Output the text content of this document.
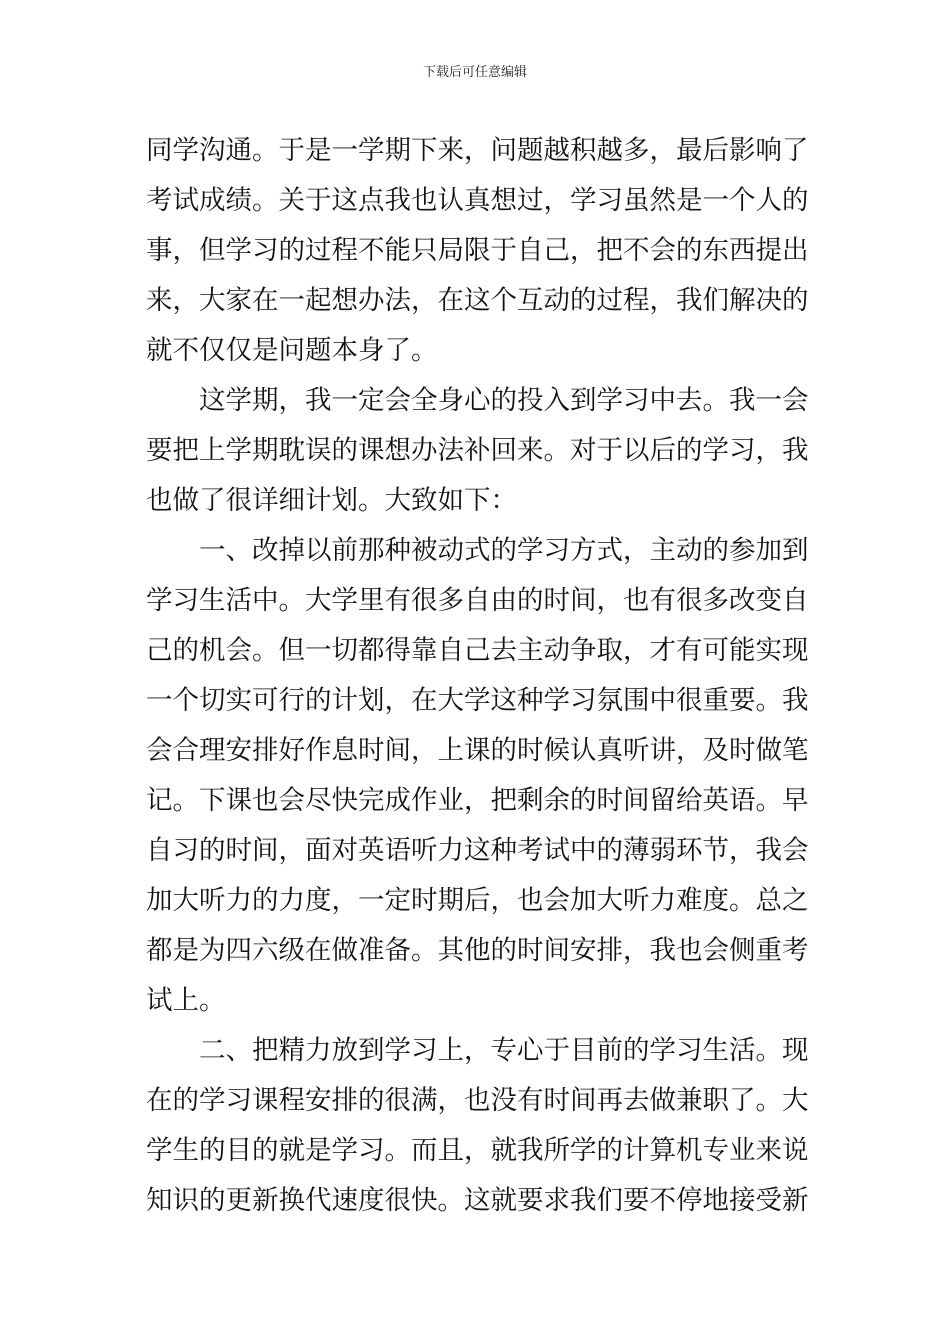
下载后可任意编辑
同学沟通。于是一学期下来，问题越积越多，最后影响了
考试成绩。关于这点我也认真想过，学习虽然是一个人的
事，但学习的过程不能只局限于自己，把不会的东西提出
来，大家在一起想办法，在这个互动的过程，我们解决的
就不仅仅是问题本身了。
这学期，我一定会全身心的投入到学习中去。我一会
要把上学期耽误的课想办法补回来。对于以后的学习，我
也做了很详细计划。大致如下：
一、改掉以前那种被动式的学习方式，主动的参加到
学习生活中。大学里有很多自由的时间，也有很多改变自
己的机会。但一切都得靠自己去主动争取，才有可能实现
一个切实可行的计划，在大学这种学习氛围中很重要。我
会合理安排好作息时间，上课的时候认真听讲，及时做笔
记。下课也会尽快完成作业，把剩余的时间留给英语。早
自习的时间，面对英语听力这种考试中的薄弱环节，我会
加大听力的力度，一定时期后，也会加大听力难度。总之
都是为四六级在做准备。其他的时间安排，我也会侧重考
试上。
二、把精力放到学习上，专心于目前的学习生活。现
在的学习课程安排的很满，也没有时间再去做兼职了。大
学生的目的就是学习。而且，就我所学的计算机专业来说
知识的更新换代速度很快。这就要求我们要不停地接受新
